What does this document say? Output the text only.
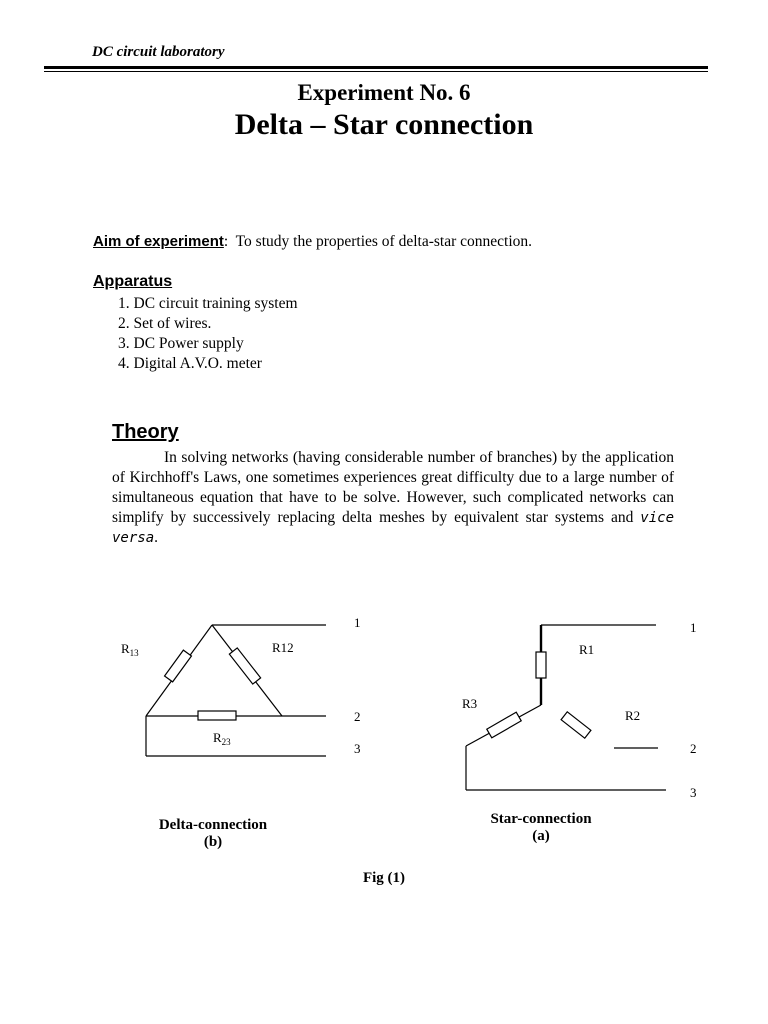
DC circuit laboratory
Experiment No. 6
Delta – Star connection
Aim of experiment: To study the properties of delta-star connection.
Apparatus
1. DC circuit training system
2. Set of wires.
3. DC Power supply
4. Digital A.V.O. meter
Theory

In solving networks (having considerable number of branches) by the application of Kirchhoff's Laws, one sometimes experiences great difficulty due to a large number of simultaneous equation that have to be solve. However, such complicated networks can simplify by successively replacing delta meshes by equivalent star systems and vice versa.

$R_{13}$	R12
$R_{23}$
1
2
3
R1
R2
R3
1
2
3
Delta-connection
(b)
Star-connection
(a)
Fig (1)
